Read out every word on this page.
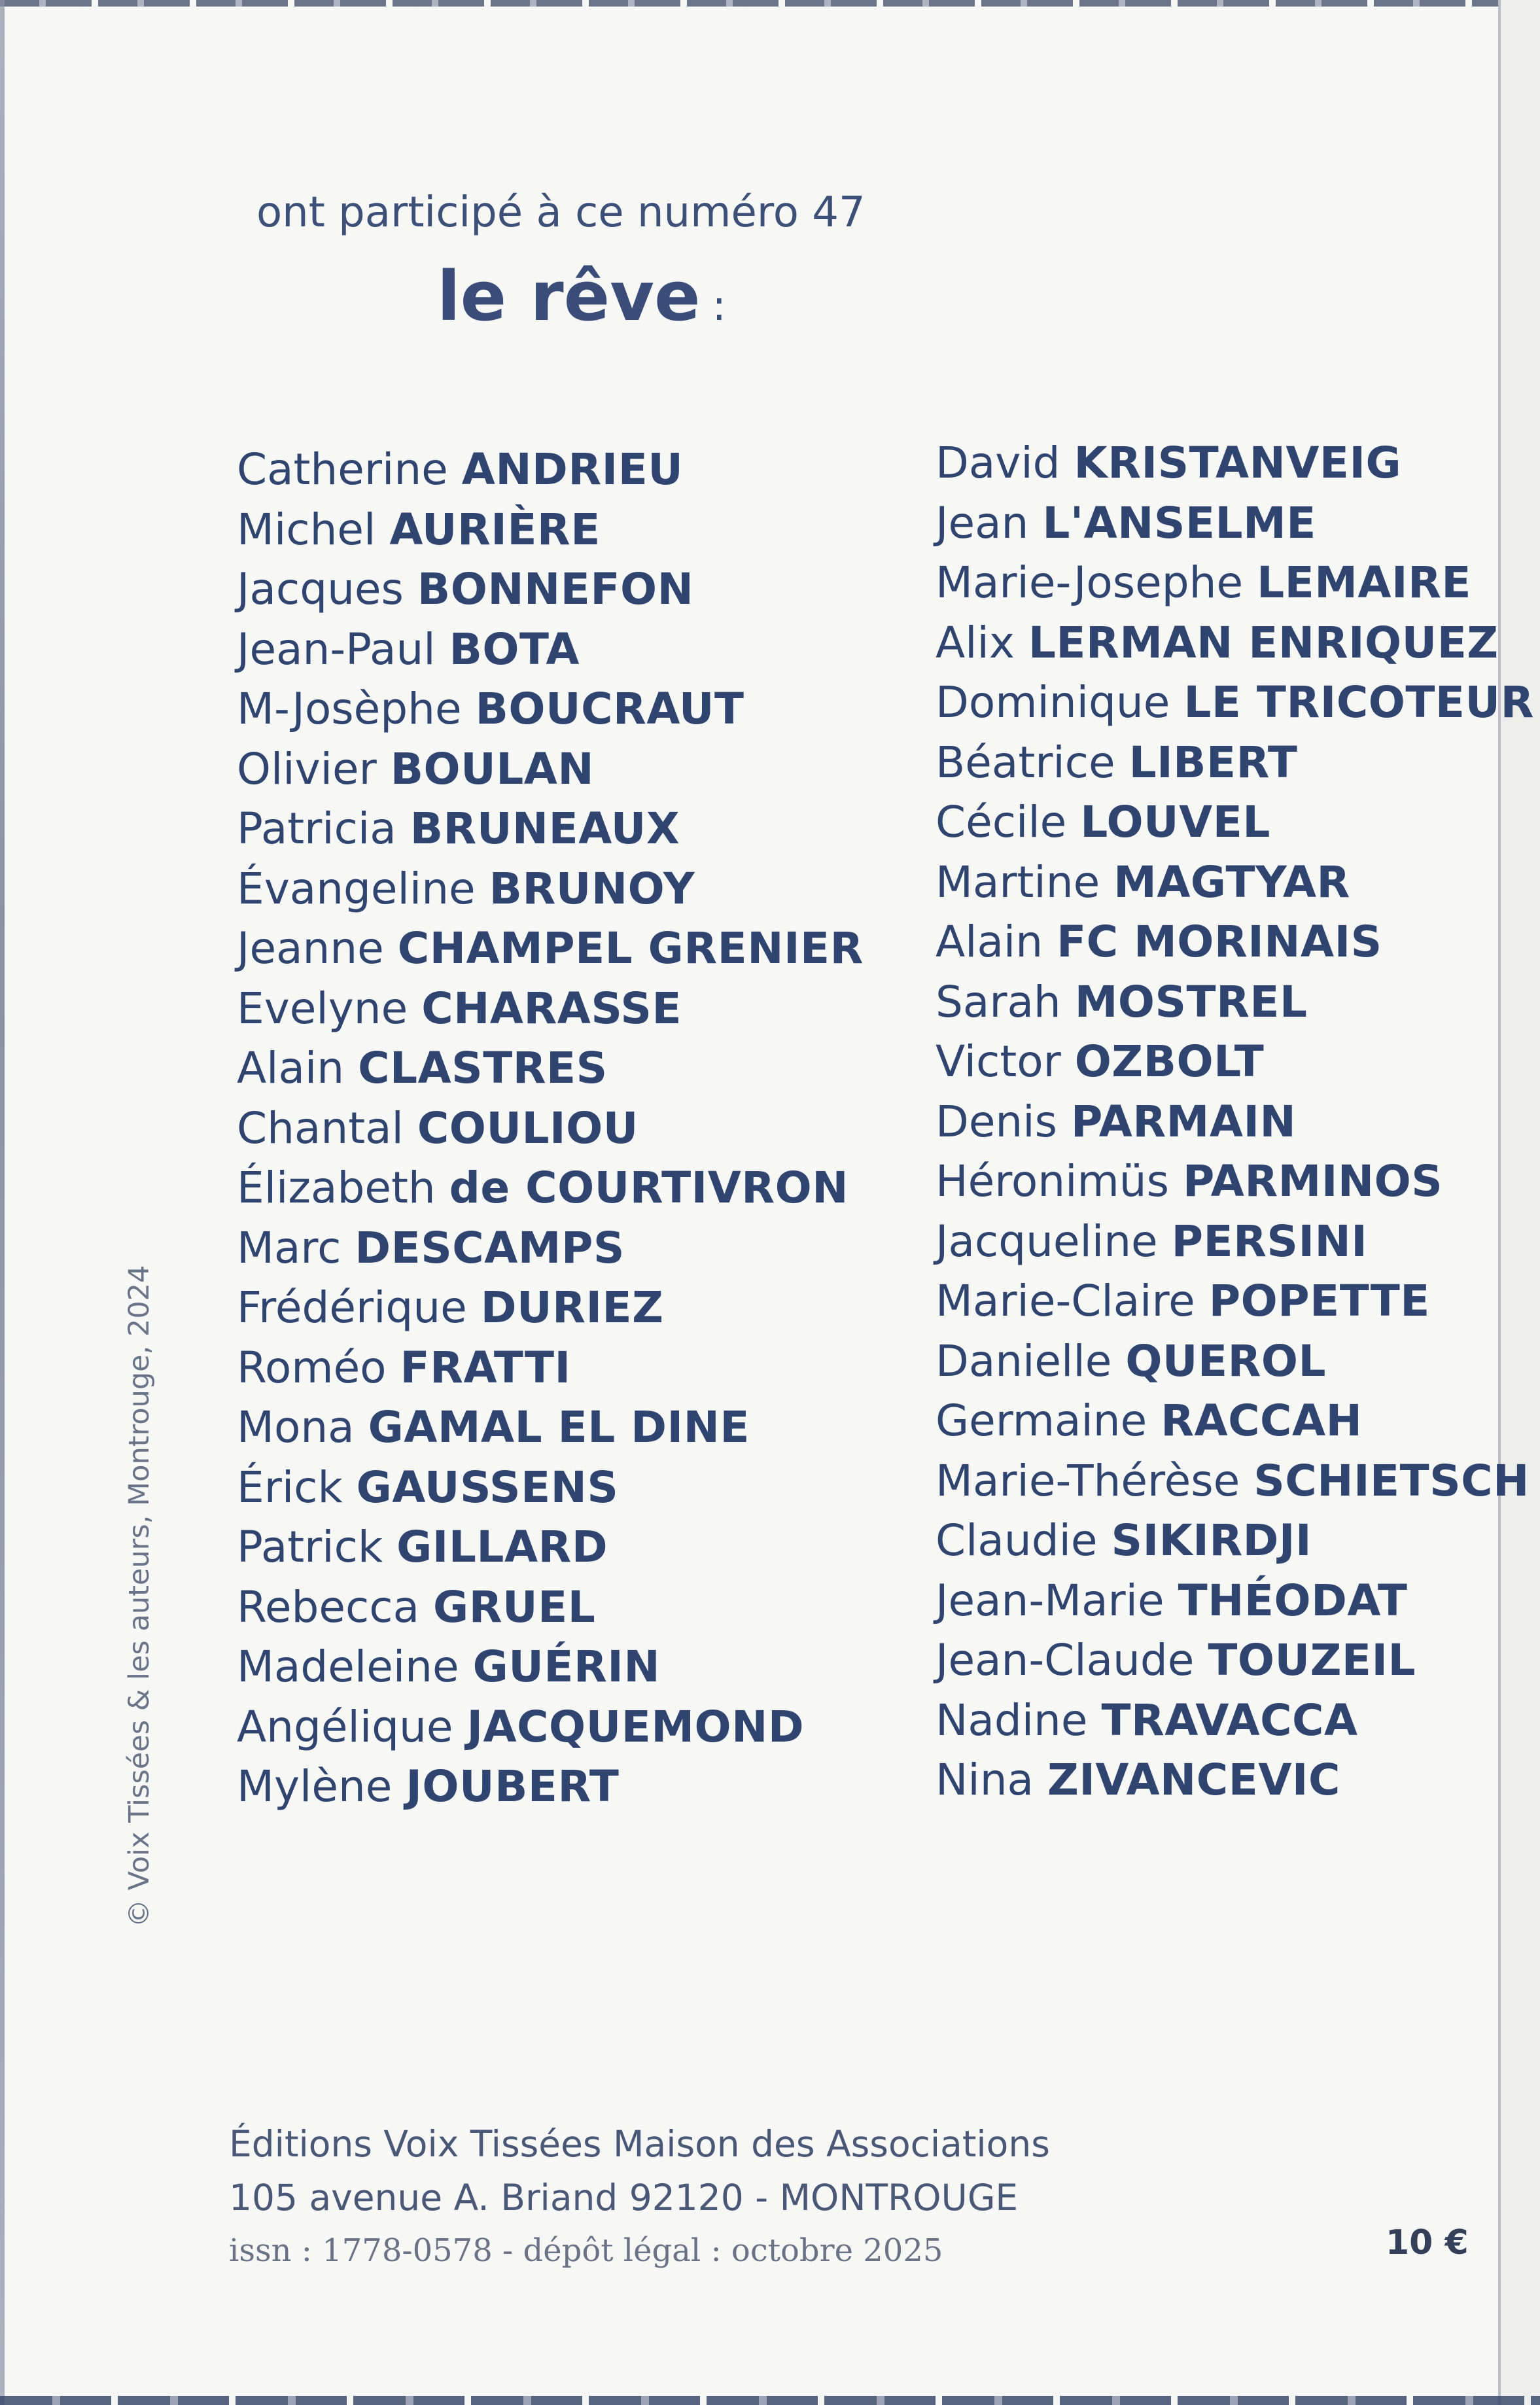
ont participé à ce numéro 47
le rêve :
Catherine ANDRIEU
Michel AURIÈRE
Jacques BONNEFON
Jean-Paul BOTA
M-Josèphe BOUCRAUT
Olivier BOULAN
Patricia BRUNEAUX
Évangeline BRUNOY
Jeanne CHAMPEL GRENIER
Evelyne CHARASSE
Alain CLASTRES
Chantal COULIOU
Élizabeth de COURTIVRON
Marc DESCAMPS
Frédérique DURIEZ
Roméo FRATTI
Mona GAMAL EL DINE
Érick GAUSSENS
Patrick GILLARD
Rebecca GRUEL
Madeleine GUÉRIN
Angélique JACQUEMOND
Mylène JOUBERT
David KRISTANVEIG
Jean L'ANSELME
Marie-Josephe LEMAIRE
Alix LERMAN ENRIQUEZ
Dominique LE TRICOTEUR
Béatrice LIBERT
Cécile LOUVEL
Martine MAGTYAR
Alain FC MORINAIS
Sarah MOSTREL
Victor OZBOLT
Denis PARMAIN
Héronimüs PARMINOS
Jacqueline PERSINI
Marie-Claire POPETTE
Danielle QUEROL
Germaine RACCAH
Marie-Thérèse SCHIETSCH
Claudie SIKIRDJI
Jean-Marie THÉODAT
Jean-Claude TOUZEIL
Nadine TRAVACCA
Nina ZIVANCEVIC
© Voix Tissées & les auteurs, Montrouge, 2024
Éditions Voix Tissées Maison des Associations
105 avenue A. Briand 92120 - MONTROUGE
issn : 1778-0578 - dépôt légal : octobre 2025	10 €
